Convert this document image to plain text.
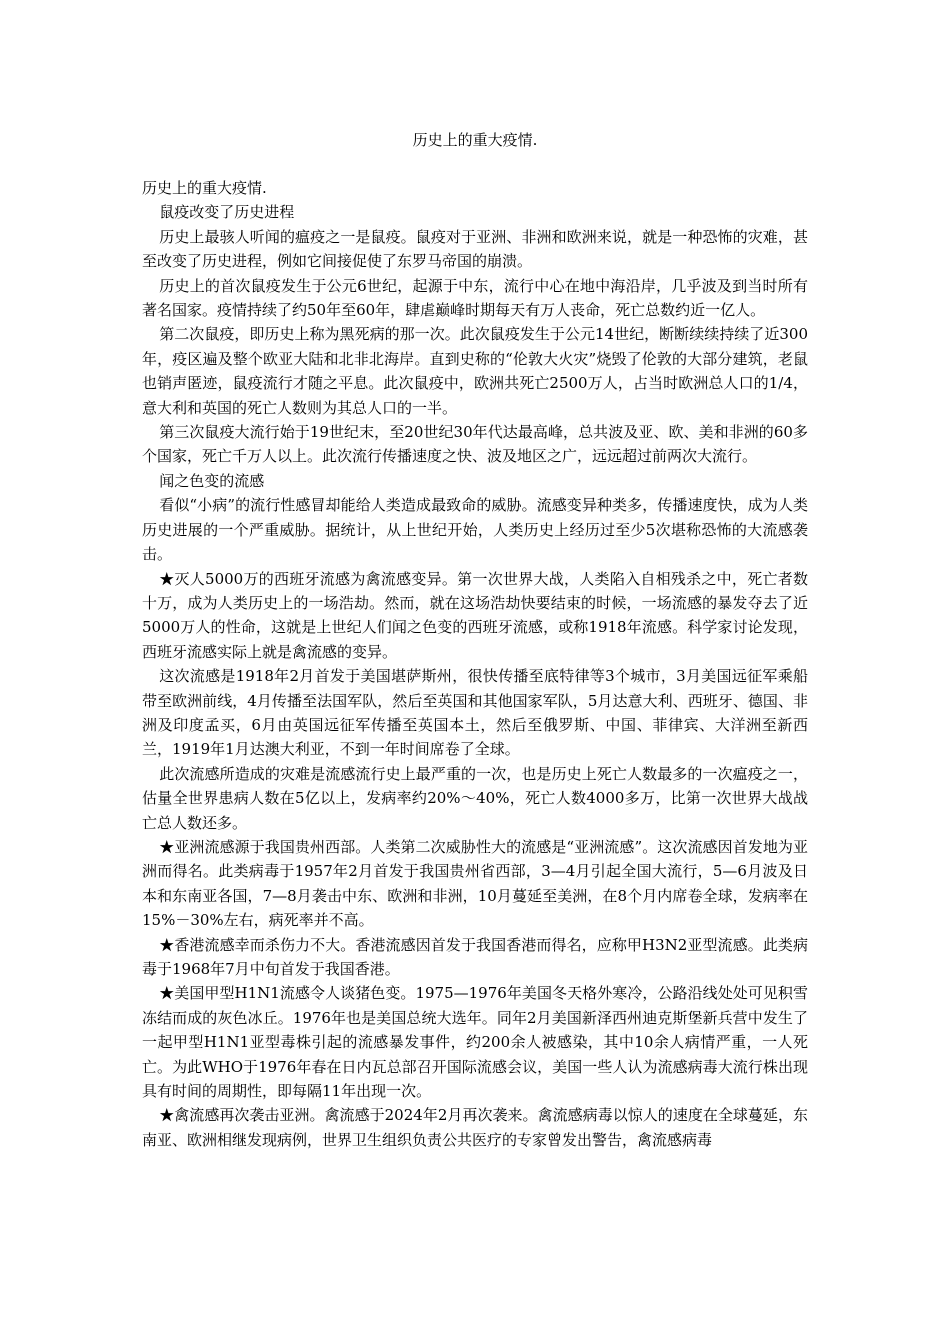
历史上的重大疫情.

历史上的重大疫情.

鼠疫改变了历史进程

历史上最骇人听闻的瘟疫之一是鼠疫。鼠疫对于亚洲、非洲和欧洲来说，就是一种恐怖的灾难，甚至改变了历史进程，例如它间接促使了东罗马帝国的崩溃。

历史上的首次鼠疫发生于公元6世纪，起源于中东，流行中心在地中海沿岸，几乎波及到当时所有著名国家。疫情持续了约50年至60年，肆虐巅峰时期每天有万人丧命，死亡总数约近一亿人。

第二次鼠疫，即历史上称为黑死病的那一次。此次鼠疫发生于公元14世纪，断断续续持续了近300年，疫区遍及整个欧亚大陆和北非北海岸。直到史称的“伦敦大火灾”烧毁了伦敦的大部分建筑，老鼠也销声匿迹，鼠疫流行才随之平息。此次鼠疫中，欧洲共死亡2500万人，占当时欧洲总人口的1/4，意大利和英国的死亡人数则为其总人口的一半。

第三次鼠疫大流行始于19世纪末，至20世纪30年代达最高峰，总共波及亚、欧、美和非洲的60多个国家，死亡千万人以上。此次流行传播速度之快、波及地区之广，远远超过前两次大流行。

闻之色变的流感

看似“小病”的流行性感冒却能给人类造成最致命的威胁。流感变异种类多，传播速度快，成为人类历史进展的一个严重威胁。据统计，从上世纪开始，人类历史上经历过至少5次堪称恐怖的大流感袭击。

★灭人5000万的西班牙流感为禽流感变异。第一次世界大战，人类陷入自相残杀之中，死亡者数十万，成为人类历史上的一场浩劫。然而，就在这场浩劫快要结束的时候，一场流感的暴发夺去了近5000万人的性命，这就是上世纪人们闻之色变的西班牙流感，或称1918年流感。科学家讨论发现，西班牙流感实际上就是禽流感的变异。

这次流感是1918年2月首发于美国堪萨斯州，很快传播至底特律等3个城市，3月美国远征军乘船带至欧洲前线，4月传播至法国军队，然后至英国和其他国家军队，5月达意大利、西班牙、德国、非洲及印度孟买，6月由英国远征军传播至英国本土，然后至俄罗斯、中国、菲律宾、大洋洲至新西兰，1919年1月达澳大利亚，不到一年时间席卷了全球。

此次流感所造成的灾难是流感流行史上最严重的一次，也是历史上死亡人数最多的一次瘟疫之一，估量全世界患病人数在5亿以上，发病率约20%～40%，死亡人数4000多万，比第一次世界大战战亡总人数还多。

★亚洲流感源于我国贵州西部。人类第二次威胁性大的流感是“亚洲流感”。这次流感因首发地为亚洲而得名。此类病毒于1957年2月首发于我国贵州省西部，3—4月引起全国大流行，5—6月波及日本和东南亚各国，7—8月袭击中东、欧洲和非洲，10月蔓延至美洲，在8个月内席卷全球，发病率在15%－30%左右，病死率并不高。

★香港流感幸而杀伤力不大。香港流感因首发于我国香港而得名，应称甲H3N2亚型流感。此类病毒于1968年7月中旬首发于我国香港。

★美国甲型H1N1流感令人谈猪色变。1975—1976年美国冬天格外寒冷，公路沿线处处可见积雪冻结而成的灰色冰丘。1976年也是美国总统大选年。同年2月美国新泽西州迪克斯堡新兵营中发生了一起甲型H1N1亚型毒株引起的流感暴发事件，约200余人被感染，其中10余人病情严重，一人死亡。为此WHO于1976年春在日内瓦总部召开国际流感会议，美国一些人认为流感病毒大流行株出现具有时间的周期性，即每隔11年出现一次。

★禽流感再次袭击亚洲。禽流感于2024年2月再次袭来。禽流感病毒以惊人的速度在全球蔓延，东南亚、欧洲相继发现病例，世界卫生组织负责公共医疗的专家曾发出警告，禽流感病毒
